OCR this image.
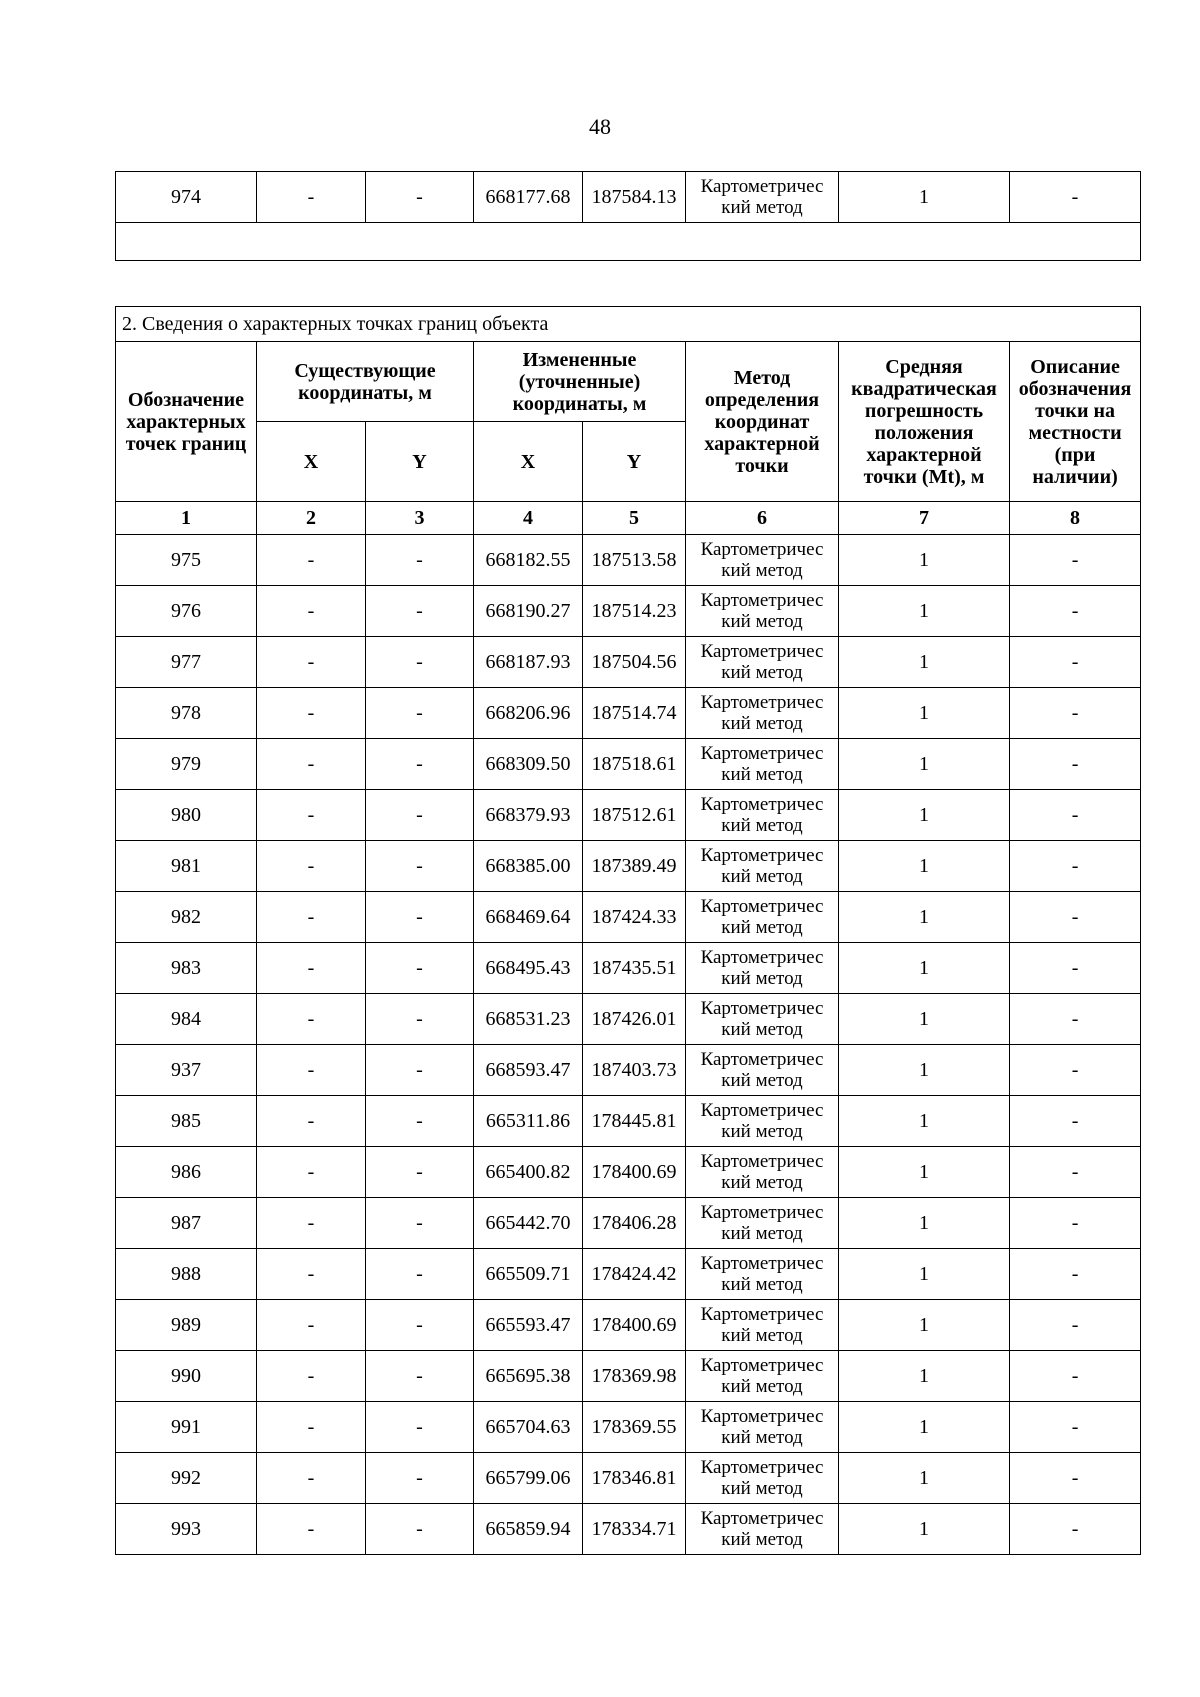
48
974	-	-	668177.68	187584.13	Картометричес кий метод	1	-

2. Сведения о характерных точках границ объекта							
Обозначение характерных точек границ	Существующие координаты, м		Измененные (уточненные) координаты, м		Метод определения координат характерной точки	Средняя квадратическая погрешность положения характерной точки (Mt), м	Описание обозначения точки на местности (при наличии)
	X	Y	X	Y			
1	2	3	4	5	6	7	8
975	-	-	668182.55	187513.58	Картометричес кий метод	1	-
976	-	-	668190.27	187514.23	Картометричес кий метод	1	-
977	-	-	668187.93	187504.56	Картометричес кий метод	1	-
978	-	-	668206.96	187514.74	Картометричес кий метод	1	-
979	-	-	668309.50	187518.61	Картометричес кий метод	1	-
980	-	-	668379.93	187512.61	Картометричес кий метод	1	-
981	-	-	668385.00	187389.49	Картометричес кий метод	1	-
982	-	-	668469.64	187424.33	Картометричес кий метод	1	-
983	-	-	668495.43	187435.51	Картометричес кий метод	1	-
984	-	-	668531.23	187426.01	Картометричес кий метод	1	-
937	-	-	668593.47	187403.73	Картометричес кий метод	1	-
985	-	-	665311.86	178445.81	Картометричес кий метод	1	-
986	-	-	665400.82	178400.69	Картометричес кий метод	1	-
987	-	-	665442.70	178406.28	Картометричес кий метод	1	-
988	-	-	665509.71	178424.42	Картометричес кий метод	1	-
989	-	-	665593.47	178400.69	Картометричес кий метод	1	-
990	-	-	665695.38	178369.98	Картометричес кий метод	1	-
991	-	-	665704.63	178369.55	Картометричес кий метод	1	-
992	-	-	665799.06	178346.81	Картометричес кий метод	1	-
993	-	-	665859.94	178334.71	Картометричес кий метод	1	-
